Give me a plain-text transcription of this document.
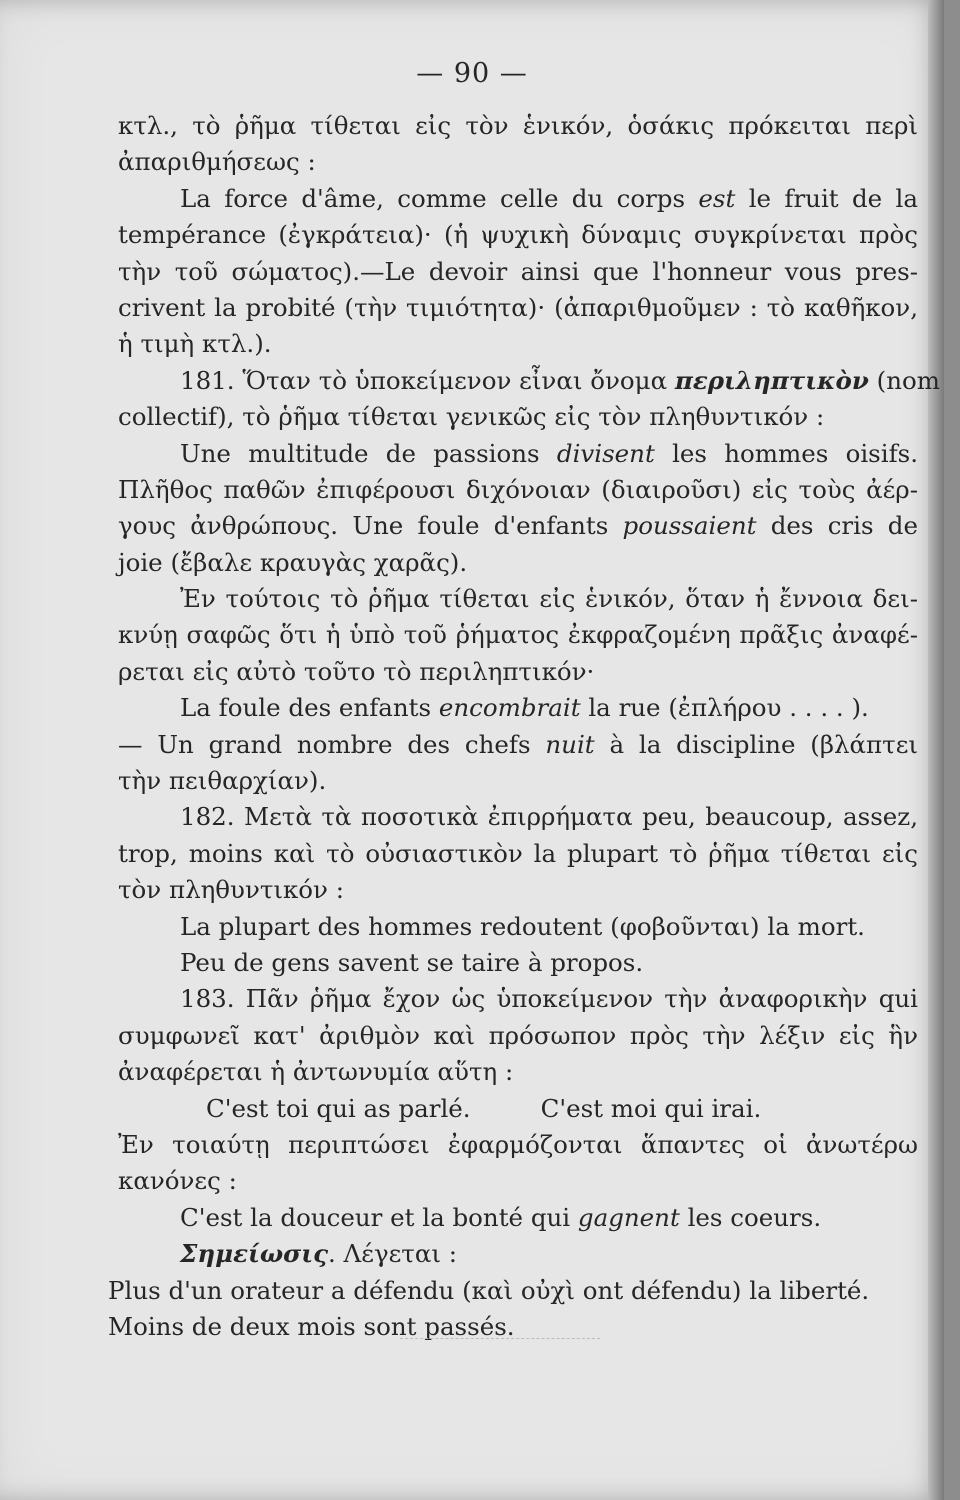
— 90 —
κτλ., τὸ ῥῆμα τίθεται εἰς τὸν ἑνικόν, ὁσάκις πρόκειται περὶ
ἀπαριθμήσεως :
La force d'âme, comme celle du corps est le fruit de la
tempérance (ἐγκράτεια)· (ἡ ψυχικὴ δύναμις συγκρίνεται πρὸς
τὴν τοῦ σώματος).—Le devoir ainsi que l'honneur vous pres-
crivent la probité (τὴν τιμιότητα)· (ἀπαριθμοῦμεν : τὸ καθῆκον,
ἡ τιμὴ κτλ.).
181. Ὅταν τὸ ὑποκείμενον εἶναι ὄνομα περιληπτικὸν (nom
collectif), τὸ ῥῆμα τίθεται γενικῶς εἰς τὸν πληθυντικόν :
Une multitude de passions divisent les hommes oisifs.
Πλῆθος παθῶν ἐπιφέρουσι διχόνοιαν (διαιροῦσι) εἰς τοὺς ἀέρ-
γους ἀνθρώπους. Une foule d'enfants poussaient des cris de
joie (ἔβαλε κραυγὰς χαρᾶς).
Ἐν τούτοις τὸ ῥῆμα τίθεται εἰς ἑνικόν, ὅταν ἡ ἔννοια δει-
κνύῃ σαφῶς ὅτι ἡ ὑπὸ τοῦ ῥήματος ἐκφραζομένη πρᾶξις ἀναφέ-
ρεται εἰς αὐτὸ τοῦτο τὸ περιληπτικόν·
La foule des enfants encombrait la rue (ἐπλήρου . . . . ).
— Un grand nombre des chefs nuit à la discipline (βλάπτει
τὴν πειθαρχίαν).
182. Μετὰ τὰ ποσοτικὰ ἐπιρρήματα peu, beaucoup, assez,
trop, moins καὶ τὸ οὐσιαστικὸν la plupart τὸ ῥῆμα τίθεται εἰς
τὸν πληθυντικόν :
La plupart des hommes redoutent (φοβοῦνται) la mort.
Peu de gens savent se taire à propos.
183. Πᾶν ῥῆμα ἔχον ὡς ὑποκείμενον τὴν ἀναφορικὴν qui
συμφωνεῖ κατ' ἀριθμὸν καὶ πρόσωπον πρὸς τὴν λέξιν εἰς ἣν
ἀναφέρεται ἡ ἀντωνυμία αὕτη :
C'est toi qui as parlé.	C'est moi qui irai.
Ἐν τοιαύτῃ περιπτώσει ἐφαρμόζονται ἅπαντες οἱ ἀνωτέρω
κανόνες :
C'est la douceur et la bonté qui gagnent les coeurs.
Σημείωσις. Λέγεται :
Plus d'un orateur a défendu (καὶ οὐχὶ ont défendu) la liberté.
Moins de deux mois sont passés.
